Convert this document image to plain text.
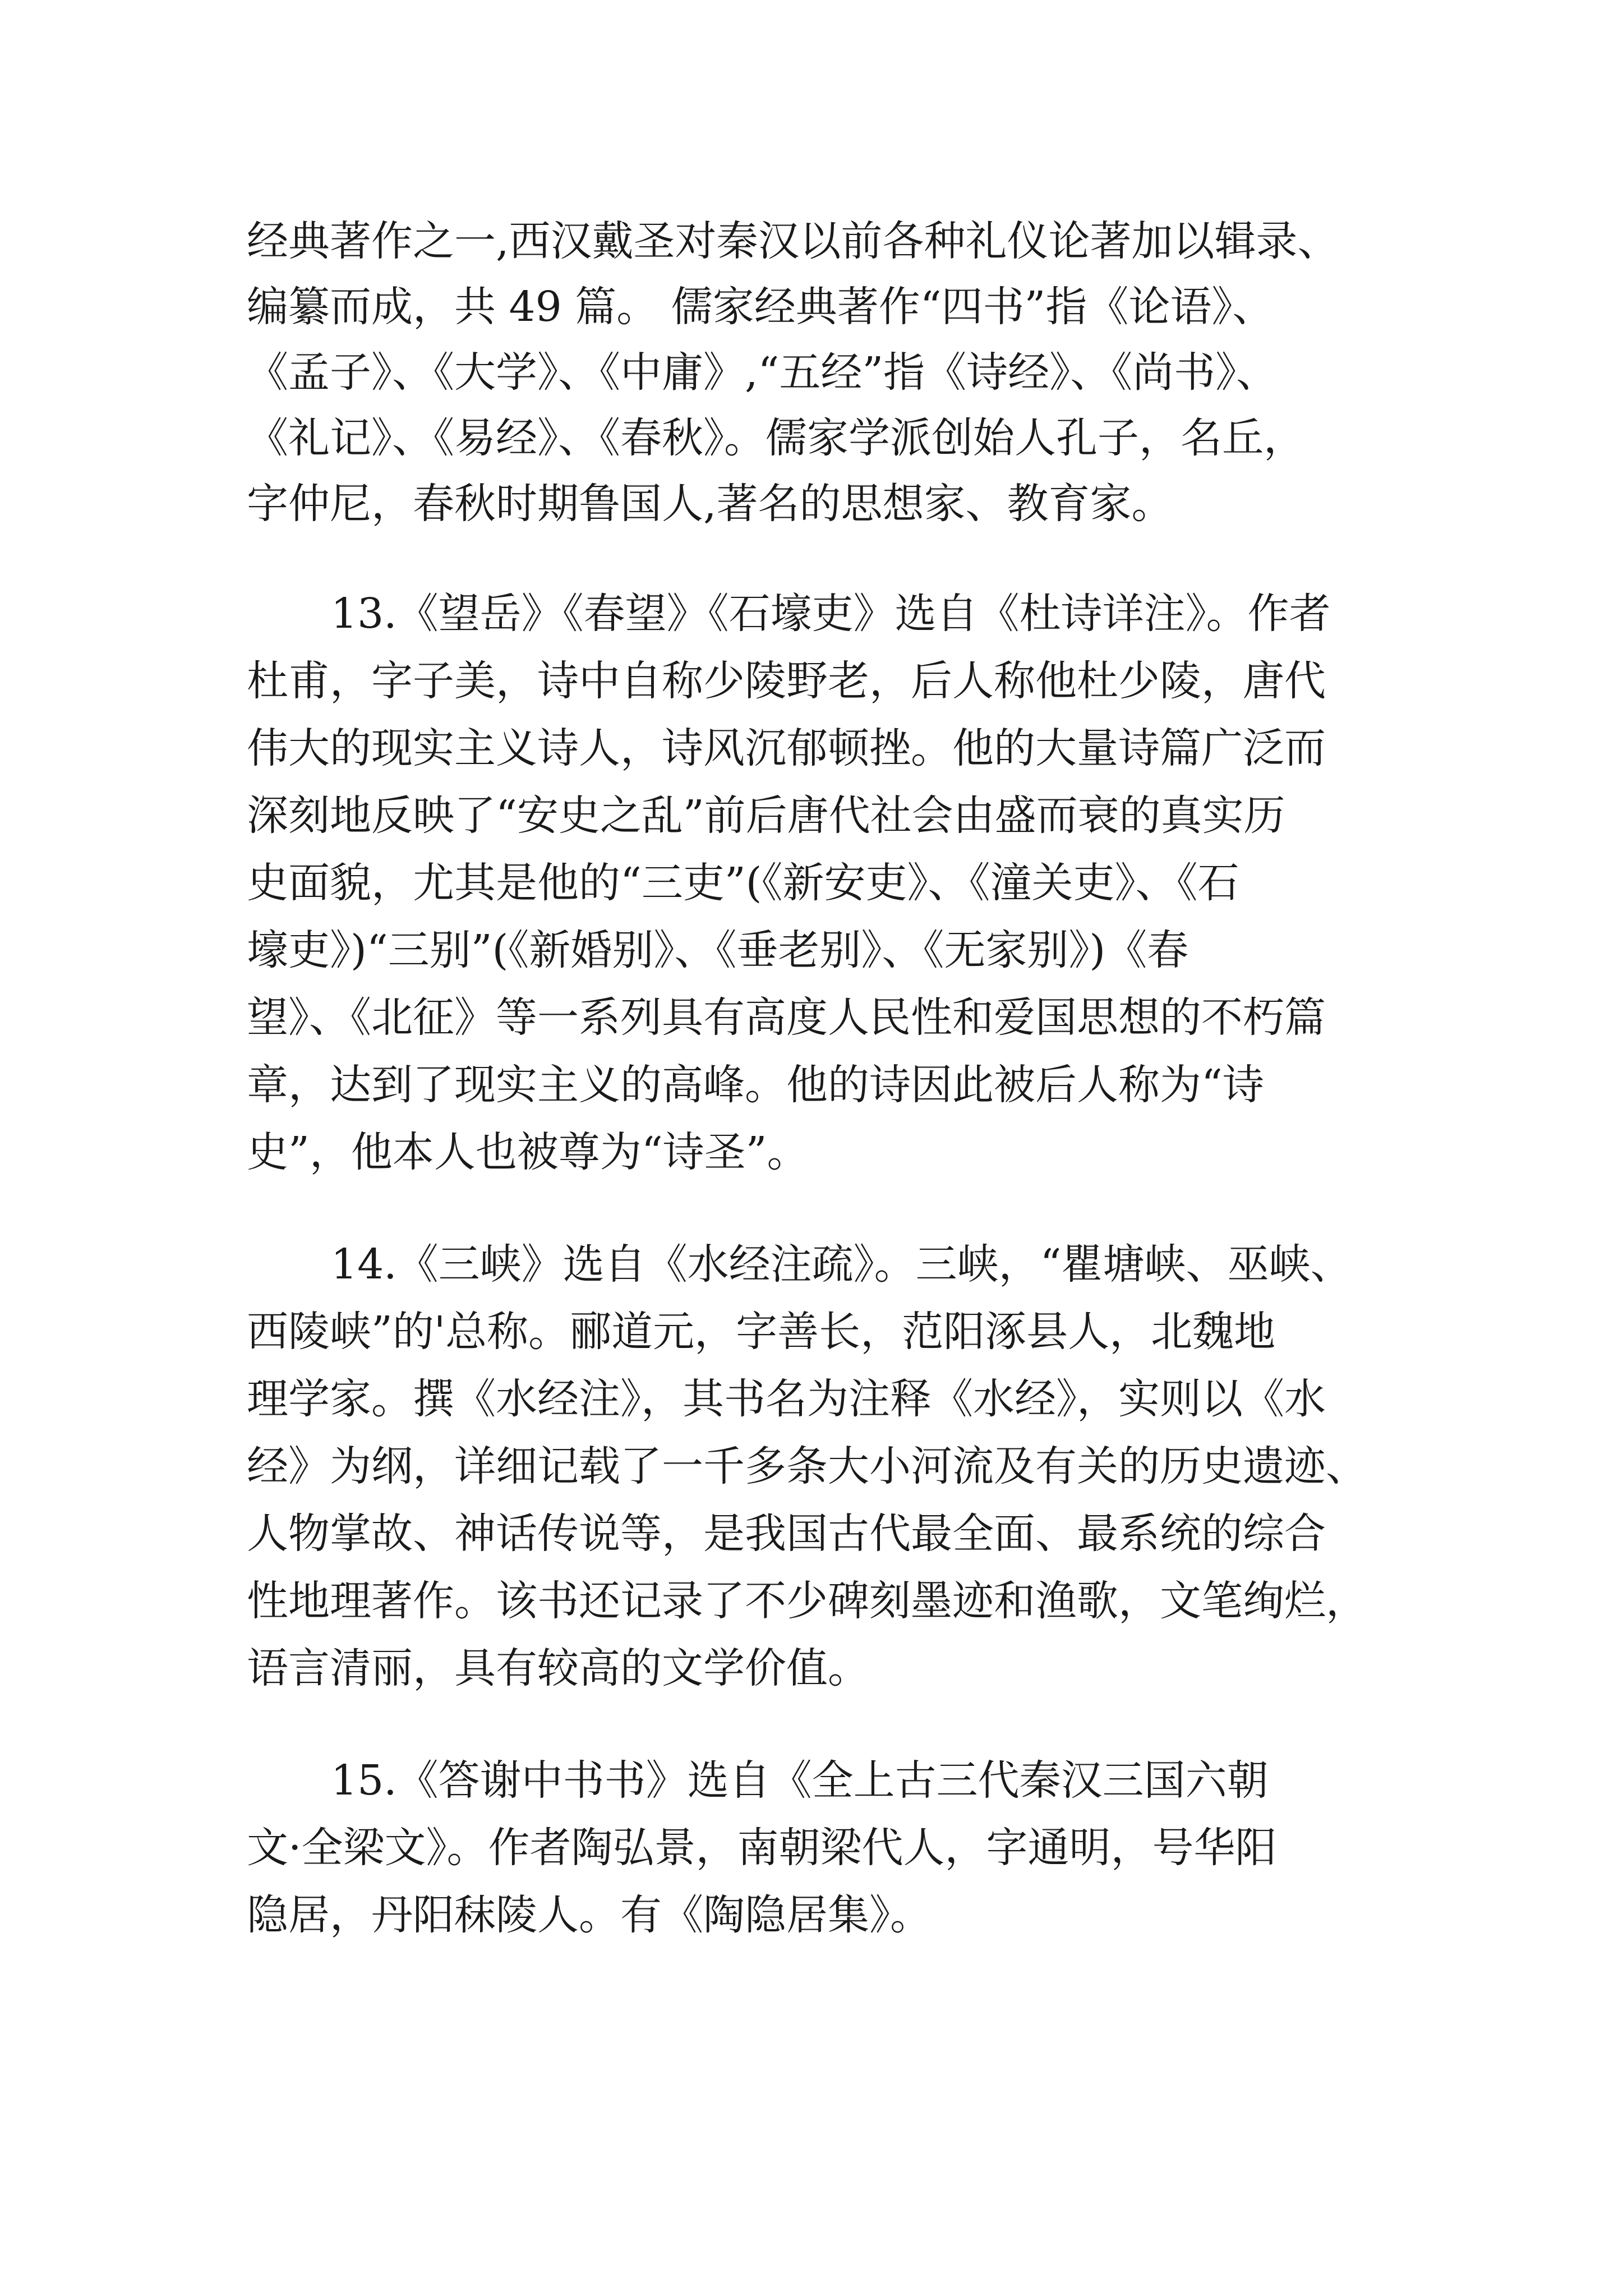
经典著作之一,西汉戴圣对秦汉以前各种礼仪论著加以辑录、
编纂而成，共 49 篇。 儒家经典著作“四书”指《论语》、
《孟子》、《大学》、《中庸》,“五经”指《诗经》、《尚书》、
《礼记》、《易经》、《春秋》。儒家学派创始人孔子，名丘，
字仲尼，春秋时期鲁国人,著名的思想家、教育家。
13.《望岳》《春望》《石壕吏》选自《杜诗详注》。作者
杜甫，字子美，诗中自称少陵野老，后人称他杜少陵，唐代
伟大的现实主义诗人，诗风沉郁顿挫。他的大量诗篇广泛而
深刻地反映了“安史之乱”前后唐代社会由盛而衰的真实历
史面貌，尤其是他的“三吏”(《新安吏》、《潼关吏》、《石
壕吏》)“三别”(《新婚别》、《垂老别》、《无家别》)《春
望》、《北征》等一系列具有高度人民性和爱国思想的不朽篇
章，达到了现实主义的高峰。他的诗因此被后人称为“诗
史”，他本人也被尊为“诗圣”。
14.《三峡》选自《水经注疏》。三峡，“瞿塘峡、巫峡、
西陵峡”的'总称。郦道元，字善长，范阳涿县人，北魏地
理学家。撰《水经注》，其书名为注释《水经》，实则以《水
经》为纲，详细记载了一千多条大小河流及有关的历史遗迹、
人物掌故、神话传说等，是我国古代最全面、最系统的综合
性地理著作。该书还记录了不少碑刻墨迹和渔歌，文笔绚烂，
语言清丽，具有较高的文学价值。
15.《答谢中书书》选自《全上古三代秦汉三国六朝
文·全梁文》。作者陶弘景，南朝梁代人，字通明，号华阳
隐居，丹阳秣陵人。有《陶隐居集》。
